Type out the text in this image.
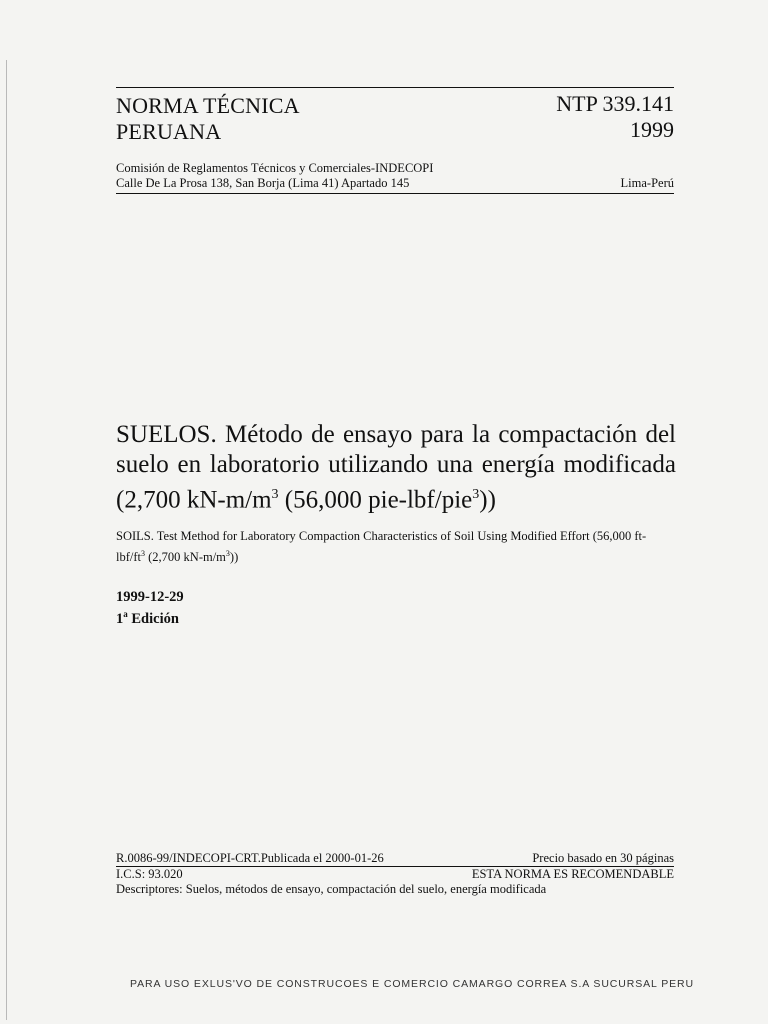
NORMA TÉCNICA
PERUANA
NTP 339.141
1999
Comisión de Reglamentos Técnicos y Comerciales-INDECOPI
Calle De La Prosa 138, San Borja (Lima 41) Apartado 145	Lima-Perú
SUELOS. Método de ensayo para la compactación del suelo en laboratorio utilizando una energía modificada (2,700 $kN-m/m^3$ (56,000 pie-lbf/pie$^3$))
SOILS. Test Method for Laboratory Compaction Characteristics of Soil Using Modified Effort (56,000 $ft-lbf/ft^3$ (2,700 $kN-m/m^3$))
1999-12-29
1$^a$ Edición
R.0086-99/INDECOPI-CRT.Publicada el 2000-01-26	Precio basado en 30 páginas
I.C.S: 93.020	ESTA NORMA ES RECOMENDABLE
Descriptores: Suelos, métodos de ensayo, compactación del suelo, energía modificada
PARA USO EXLUS'VO DE CONSTRUCOES E COMERCIO CAMARGO CORREA S.A SUCURSAL PERU
